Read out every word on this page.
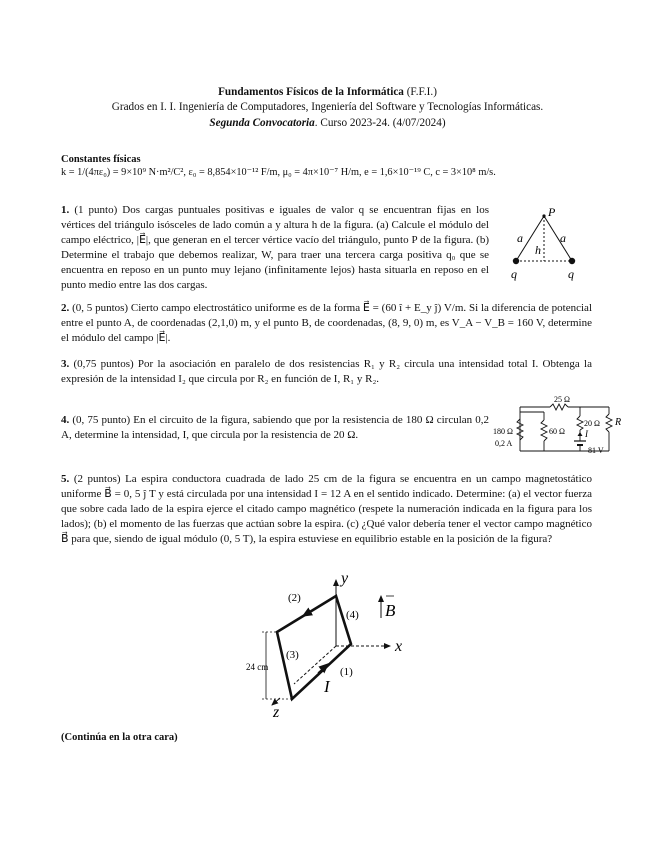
Fundamentos Físicos de la Informática (F.F.I.)
Grados en I. I. Ingeniería de Computadores, Ingeniería del Software y Tecnologías Informáticas.
Segunda Convocatoria. Curso 2023-24. (4/07/2024)
Constantes físicas
k = 1/(4πε₀) = 9×10⁹ N·m²/C², ε₀ = 8,854×10⁻¹² F/m, μ₀ = 4π×10⁻⁷ H/m, e = 1,6×10⁻¹⁹ C, c = 3×10⁸ m/s.
1. (1 punto) Dos cargas puntuales positivas e iguales de valor q se encuentran fijas en los vértices del triángulo isósceles de lado común a y altura h de la figura. (a) Calcule el módulo del campo eléctrico, |E⃗|, que generan en el tercer vértice vacío del triángulo, punto P de la figura. (b) Determine el trabajo que debemos realizar, W, para traer una tercera carga positiva q₀ que se encuentra en reposo en un punto muy lejano (infinitamente lejos) hasta situarla en reposo en el punto medio entre las dos cargas.
P
a	a
h
q	q
2. (0, 5 puntos) Cierto campo electrostático uniforme es de la forma E⃗ = (60 î + E_y ĵ) V/m. Si la diferencia de potencial entre el punto A, de coordenadas (2,1,0) m, y el punto B, de coordenadas, (8, 9, 0) m, es V_A − V_B = 160 V, determine el módulo del campo |E⃗|.
3. (0,75 puntos) Por la asociación en paralelo de dos resistencias R₁ y R₂ circula una intensidad total I. Obtenga la expresión de la intensidad I₂ que circula por R₂ en función de I, R₁ y R₂.
4. (0, 75 punto) En el circuito de la figura, sabiendo que por la resistencia de 180 Ω circulan 0,2 A, determine la intensidad, I, que circula por la resistencia de 20 Ω.
25 Ω
180 Ω
0,2 A
60 Ω
20 Ω
I
R
81 V
5. (2 puntos) La espira conductora cuadrada de lado 25 cm de la figura se encuentra en un campo magnetostático uniforme B⃗ = 0, 5 ĵ T y está circulada por una intensidad I = 12 A en el sentido indicado. Determine: (a) el vector fuerza que sobre cada lado de la espira ejerce el citado campo magnético (respete la numeración indicada en la figura para los lados); (b) el momento de las fuerzas que actúan sobre la espira. (c) ¿Qué valor debería tener el vector campo magnético B⃗ para que, siendo de igual módulo (0, 5 T), la espira estuviese en equilibrio estable en la posición de la figura?
B
24 cm
y
x
z
(2)
(4)
(3)
(1)
I
(Continúa en la otra cara)
